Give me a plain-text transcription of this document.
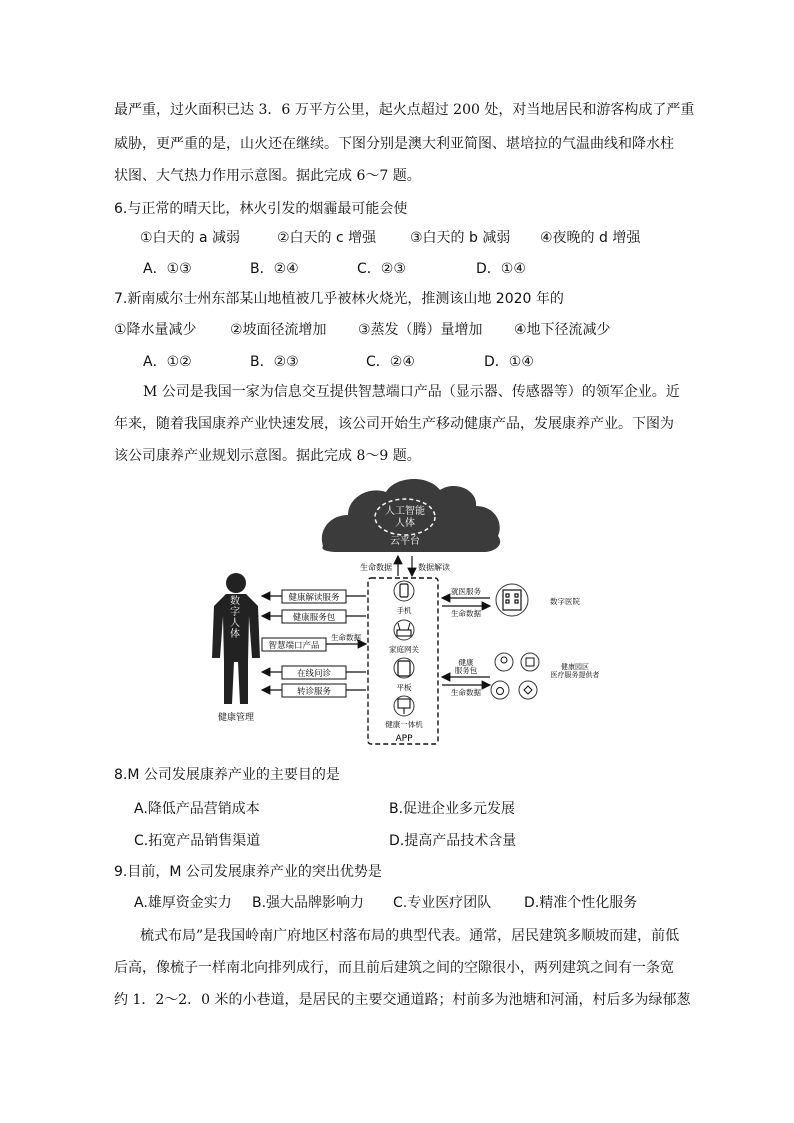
最严重，过火面积已达 3．6 万平方公里，起火点超过 200 处，对当地居民和游客构成了严重
威胁，更严重的是，山火还在继续。下图分别是澳大利亚简图、堪培拉的气温曲线和降水柱
状图、大气热力作用示意图。据此完成 6～7 题。
6.与正常的晴天比，林火引发的烟霾最可能会使
①白天的 a 减弱	②白天的 c 增强 ③白天的 b 减弱 ④夜晚的 d 增强
A．①③	B．②④	C．②③	D．①④
7.新南威尔士州东部某山地植被几乎被林火烧光，推测该山地 2020 年的
①降水量减少 ②坡面径流增加 ③蒸发（腾）量增加 ④地下径流减少
A．①②	B．②③	C．②④	D．①④
M 公司是我国一家为信息交互提供智慧端口产品（显示器、传感器等）的领军企业。近
年来，随着我国康养产业快速发展，该公司开始生产移动健康产品，发展康养产业。下图为
该公司康养产业规划示意图。据此完成 8～9 题。
人工智能
人体
云平台
生命数据	数据解读
数字人体
健康管理
健康解读服务
健康服务包
智慧端口产品
生命数据
在线问诊
转诊服务
手机
家庭网关
平板
健康一体机
APP
就医服务
生命数据
数字医院
健康服务包
生命数据
健康园区医疗服务提供者
8.M 公司发展康养产业的主要目的是
A.降低产品营销成本	B.促进企业多元发展
C.拓宽产品销售渠道	D.提高产品技术含量
9.目前，M 公司发展康养产业的突出优势是
A.雄厚资金实力 B.强大品牌影响力 C.专业医疗团队 D.精准个性化服务
梳式布局”是我国岭南广府地区村落布局的典型代表。通常，居民建筑多顺坡而建，前低
后高，像梳子一样南北向排列成行，而且前后建筑之间的空隙很小，两列建筑之间有一条宽
约 1．2～2．0 米的小巷道，是居民的主要交通道路；村前多为池塘和河涌，村后多为绿郁葱
